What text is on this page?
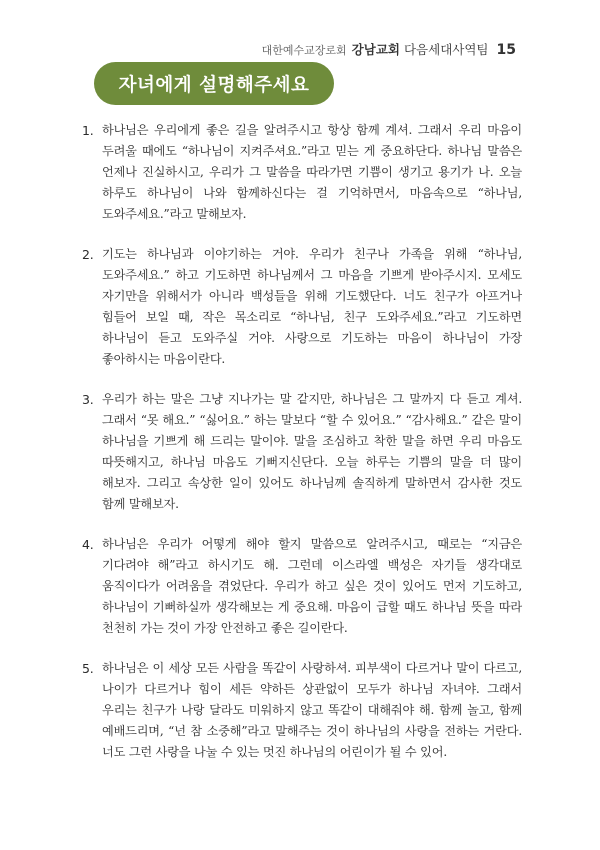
대한예수교장로회 강남교회 다음세대사역팀 15
자녀에게 설명해주세요
1. 하나님은 우리에게 좋은 길을 알려주시고 항상 함께 계셔. 그래서 우리 마음이 두려울 때에도 “하나님이 지켜주셔요.”라고 믿는 게 중요하단다. 하나님 말씀은 언제나 진실하시고, 우리가 그 말씀을 따라가면 기쁨이 생기고 용기가 나. 오늘 하루도 하나님이 나와 함께하신다는 걸 기억하면서, 마음속으로 “하나님, 도와주세요.”라고 말해보자.
2. 기도는 하나님과 이야기하는 거야. 우리가 친구나 가족을 위해 “하나님, 도와주세요.” 하고 기도하면 하나님께서 그 마음을 기쁘게 받아주시지. 모세도 자기만을 위해서가 아니라 백성들을 위해 기도했단다. 너도 친구가 아프거나 힘들어 보일 때, 작은 목소리로 “하나님, 친구 도와주세요.”라고 기도하면 하나님이 듣고 도와주실 거야. 사랑으로 기도하는 마음이 하나님이 가장 좋아하시는 마음이란다.
3. 우리가 하는 말은 그냥 지나가는 말 같지만, 하나님은 그 말까지 다 듣고 계셔. 그래서 “못 해요.” “싫어요.” 하는 말보다 “할 수 있어요.” “감사해요.” 같은 말이 하나님을 기쁘게 해 드리는 말이야. 말을 조심하고 착한 말을 하면 우리 마음도 따뜻해지고, 하나님 마음도 기뻐지신단다. 오늘 하루는 기쁨의 말을 더 많이 해보자. 그리고 속상한 일이 있어도 하나님께 솔직하게 말하면서 감사한 것도 함께 말해보자.
4. 하나님은 우리가 어떻게 해야 할지 말씀으로 알려주시고, 때로는 “지금은 기다려야 해”라고 하시기도 해. 그런데 이스라엘 백성은 자기들 생각대로 움직이다가 어려움을 겪었단다. 우리가 하고 싶은 것이 있어도 먼저 기도하고, 하나님이 기뻐하실까 생각해보는 게 중요해. 마음이 급할 때도 하나님 뜻을 따라 천천히 가는 것이 가장 안전하고 좋은 길이란다.
5. 하나님은 이 세상 모든 사람을 똑같이 사랑하셔. 피부색이 다르거나 말이 다르고, 나이가 다르거나 힘이 세든 약하든 상관없이 모두가 하나님 자녀야. 그래서 우리는 친구가 나랑 달라도 미워하지 않고 똑같이 대해줘야 해. 함께 놀고, 함께 예배드리며, “넌 참 소중해”라고 말해주는 것이 하나님의 사랑을 전하는 거란다. 너도 그런 사랑을 나눌 수 있는 멋진 하나님의 어린이가 될 수 있어.
